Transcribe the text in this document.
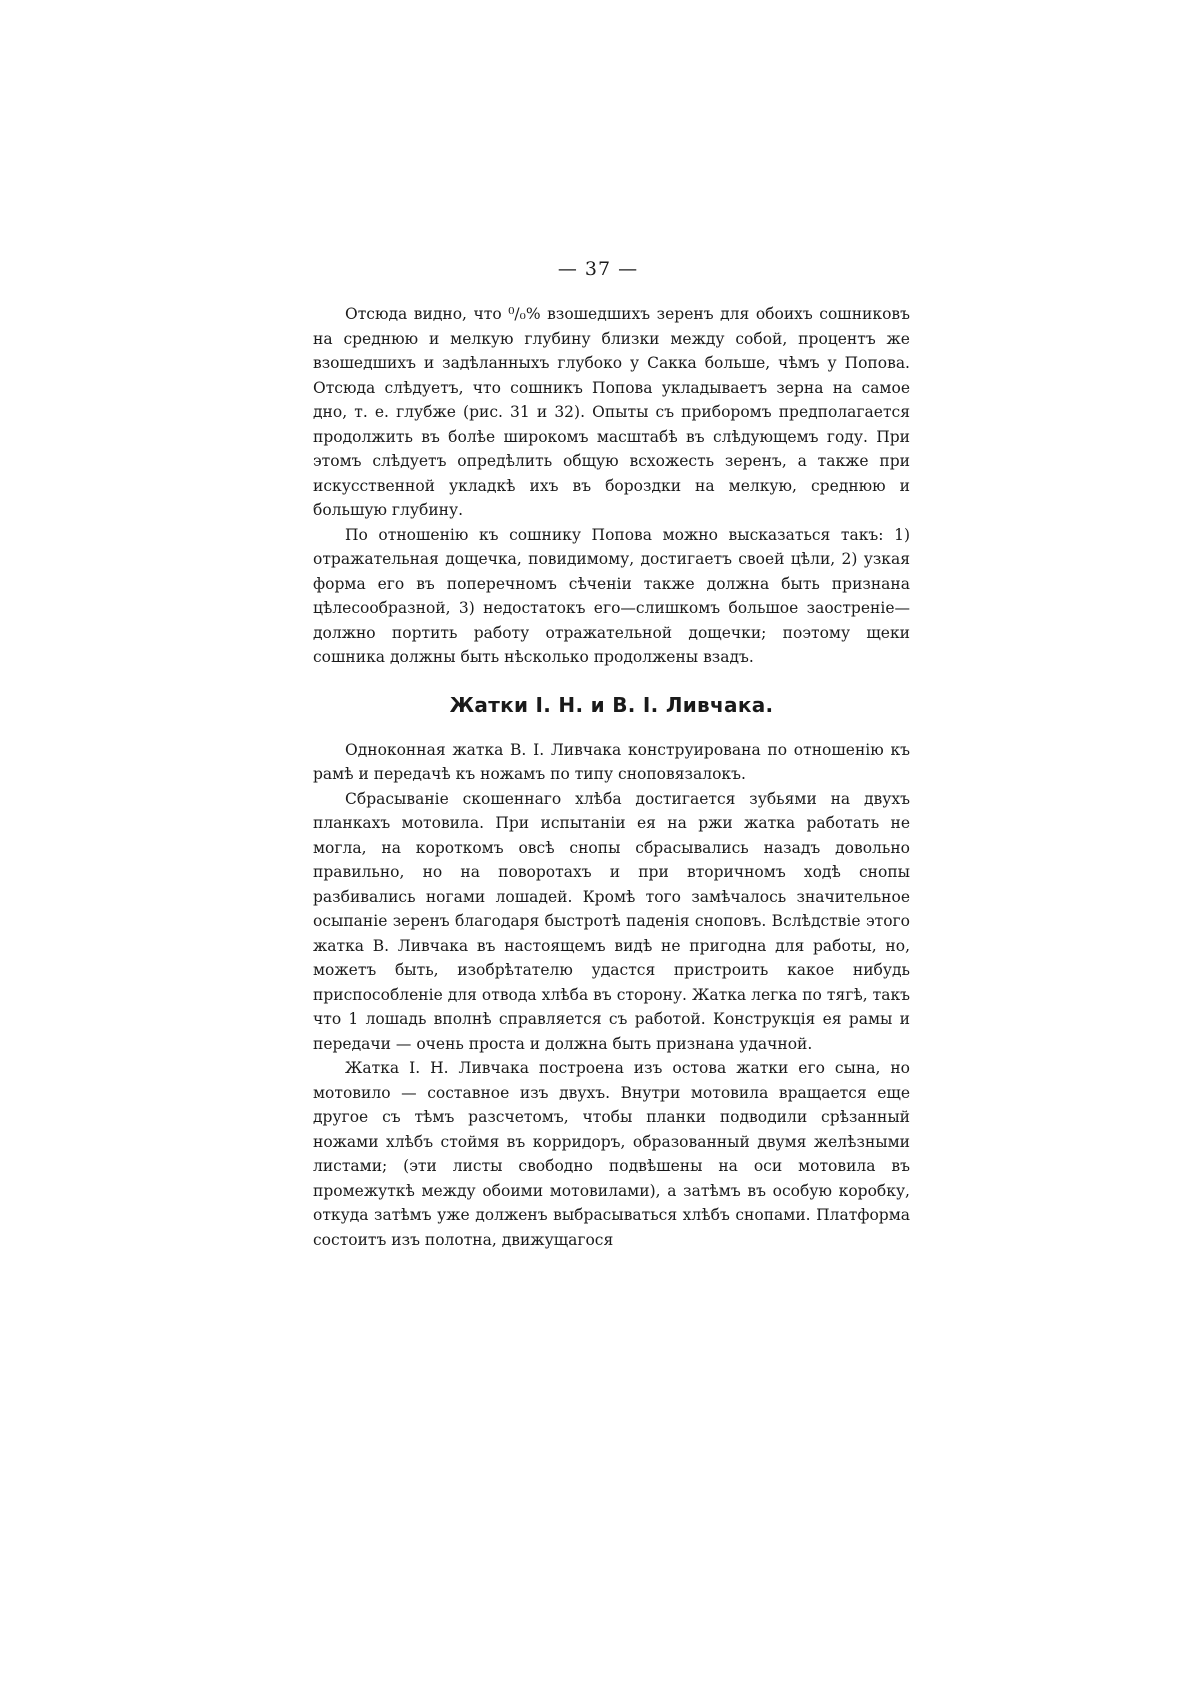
— 37 —

Отсюда видно, что ⁰/₀% взошедшихъ зеренъ для обоихъ сошниковъ на среднюю и мелкую глубину близки между собой, процентъ же взошедшихъ и задѣланныхъ глубоко у Сакка больше, чѣмъ у Попова. Отсюда слѣдуетъ, что сошникъ Попова укладываетъ зерна на самое дно, т. е. глубже (рис. 31 и 32). Опыты съ приборомъ предполагается продолжить въ болѣе широкомъ масштабѣ въ слѣдующемъ году. При этомъ слѣдуетъ опредѣлить общую всхожесть зеренъ, а также при искусственной укладкѣ ихъ въ бороздки на мелкую, среднюю и большую глубину.

По отношенію къ сошнику Попова можно высказаться такъ: 1) отражательная дощечка, повидимому, достигаетъ своей цѣли, 2) узкая форма его въ поперечномъ сѣченіи также должна быть признана цѣлесообразной, 3) недостатокъ его—слишкомъ большое заостреніе—должно портить работу отражательной дощечки; поэтому щеки сошника должны быть нѣсколько продолжены взадъ.

Жатки І. Н. и В. І. Ливчака.

Одноконная жатка В. І. Ливчака конструирована по отношенію къ рамѣ и передачѣ къ ножамъ по типу сноповязалокъ.

Сбрасываніе скошеннаго хлѣба достигается зубьями на двухъ планкахъ мотовила. При испытаніи ея на ржи жатка работать не могла, на короткомъ овсѣ снопы сбрасывались назадъ довольно правильно, но на поворотахъ и при вторичномъ ходѣ снопы разбивались ногами лошадей. Кромѣ того замѣчалось значительное осыпаніе зеренъ благодаря быстротѣ паденія сноповъ. Вслѣдствіе этого жатка В. Ливчака въ настоящемъ видѣ не пригодна для работы, но, можетъ быть, изобрѣтателю удастся пристроить какое нибудь приспособленіе для отвода хлѣба въ сторону. Жатка легка по тягѣ, такъ что 1 лошадь вполнѣ справляется съ работой. Конструкція ея рамы и передачи — очень проста и должна быть признана удачной.

Жатка І. Н. Ливчака построена изъ остова жатки его сына, но мотовило — составное изъ двухъ. Внутри мотовила вращается еще другое съ тѣмъ разсчетомъ, чтобы планки подводили срѣзанный ножами хлѣбъ стоймя въ корридоръ, образованный двумя желѣзными листами; (эти листы свободно подвѣшены на оси мотовила въ промежуткѣ между обоими мотовилами), а затѣмъ въ особую коробку, откуда затѣмъ уже долженъ выбрасываться хлѣбъ снопами. Платформа состоитъ изъ полотна, движущагося
